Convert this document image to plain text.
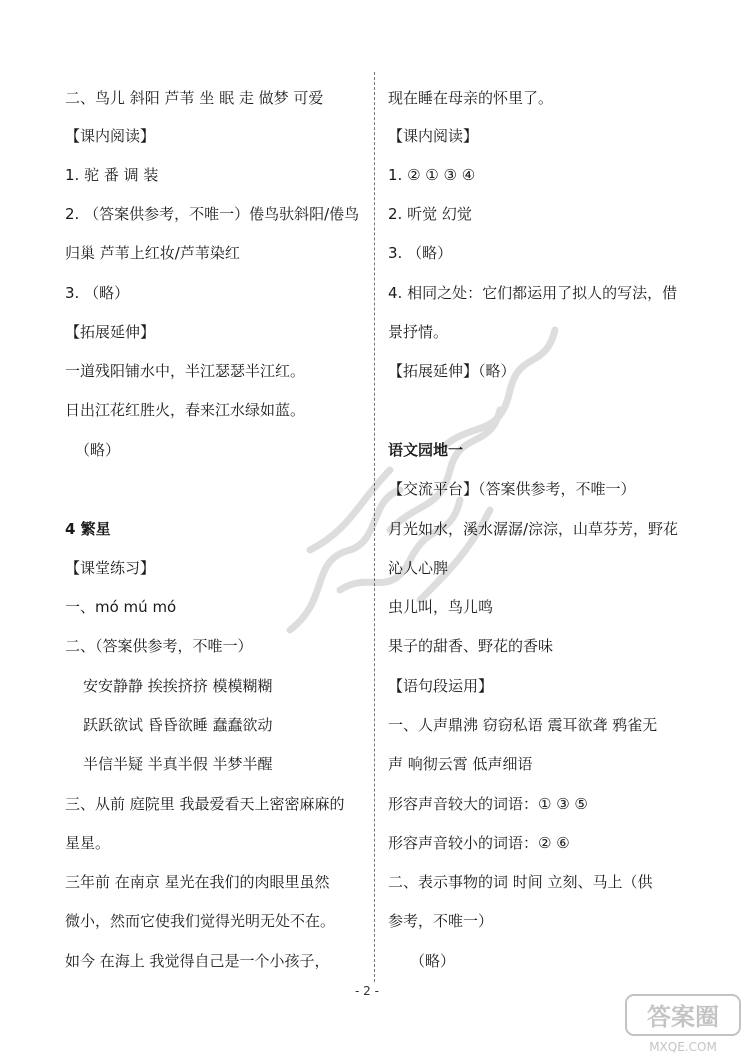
二、鸟儿 斜阳 芦苇 坐 眠 走 做梦 可爱
【课内阅读】
1. 驼 番 调 装
2. （答案供参考，不唯一）倦鸟驮斜阳/倦鸟
归巢 芦苇上红妆/芦苇染红
3. （略）
【拓展延伸】
一道残阳铺水中，半江瑟瑟半江红。
日出江花红胜火，春来江水绿如蓝。
（略）
4 繁星
【课堂练习】
一、mó mú mó
二、（答案供参考，不唯一）
安安静静 挨挨挤挤 模模糊糊
跃跃欲试 昏昏欲睡 蠢蠢欲动
半信半疑 半真半假 半梦半醒
三、从前 庭院里 我最爱看天上密密麻麻的
星星。
三年前 在南京 星光在我们的肉眼里虽然
微小，然而它使我们觉得光明无处不在。
如今 在海上 我觉得自己是一个小孩子，
现在睡在母亲的怀里了。
【课内阅读】
1. ② ① ③ ④
2. 听觉 幻觉
3. （略）
4. 相同之处：它们都运用了拟人的写法，借
景抒情。
【拓展延伸】（略）
语文园地一
【交流平台】（答案供参考，不唯一）
月光如水，溪水潺潺/淙淙，山草芬芳，野花
沁人心脾
虫儿叫，鸟儿鸣
果子的甜香、野花的香味
【语句段运用】
一、人声鼎沸 窃窃私语 震耳欲聋 鸦雀无
声 响彻云霄 低声细语
形容声音较大的词语：① ③ ⑤
形容声音较小的词语：② ⑥
二、表示事物的词 时间 立刻、马上（供
参考，不唯一）
（略）
- 2 -
答案圈
MXQE.COM
